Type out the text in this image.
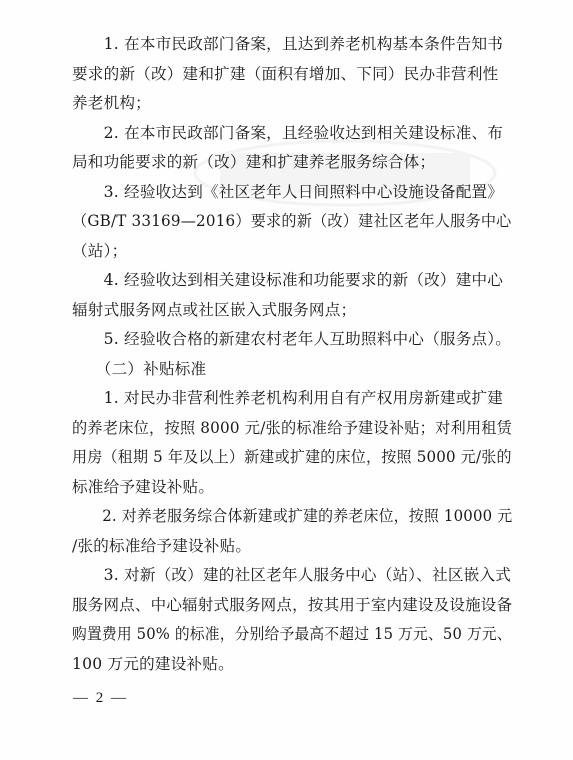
　　1. 在本市民政部门备案，且达到养老机构基本条件告知书
要求的新（改）建和扩建（面积有增加、下同）民办非营利性
养老机构；
　　2. 在本市民政部门备案，且经验收达到相关建设标准、布
局和功能要求的新（改）建和扩建养老服务综合体；
　　3. 经验收达到《社区老年人日间照料中心设施设备配置》
（GB/T 33169—2016）要求的新（改）建社区老年人服务中心
（站）；
　　4. 经验收达到相关建设标准和功能要求的新（改）建中心
辐射式服务网点或社区嵌入式服务网点；
　　5. 经验收合格的新建农村老年人互助照料中心（服务点）。
　　（二）补贴标准
　　1. 对民办非营利性养老机构利用自有产权用房新建或扩建
的养老床位，按照 8000 元/张的标准给予建设补贴；对利用租赁
用房（租期 5 年及以上）新建或扩建的床位，按照 5000 元/张的
标准给予建设补贴。
　　2. 对养老服务综合体新建或扩建的养老床位，按照 10000 元
/张的标准给予建设补贴。
　　3. 对新（改）建的社区老年人服务中心（站）、社区嵌入式
服务网点、中心辐射式服务网点，按其用于室内建设及设施设备
购置费用 50% 的标准，分别给予最高不超过 15 万元、50 万元、
100 万元的建设补贴。

— 2 —
